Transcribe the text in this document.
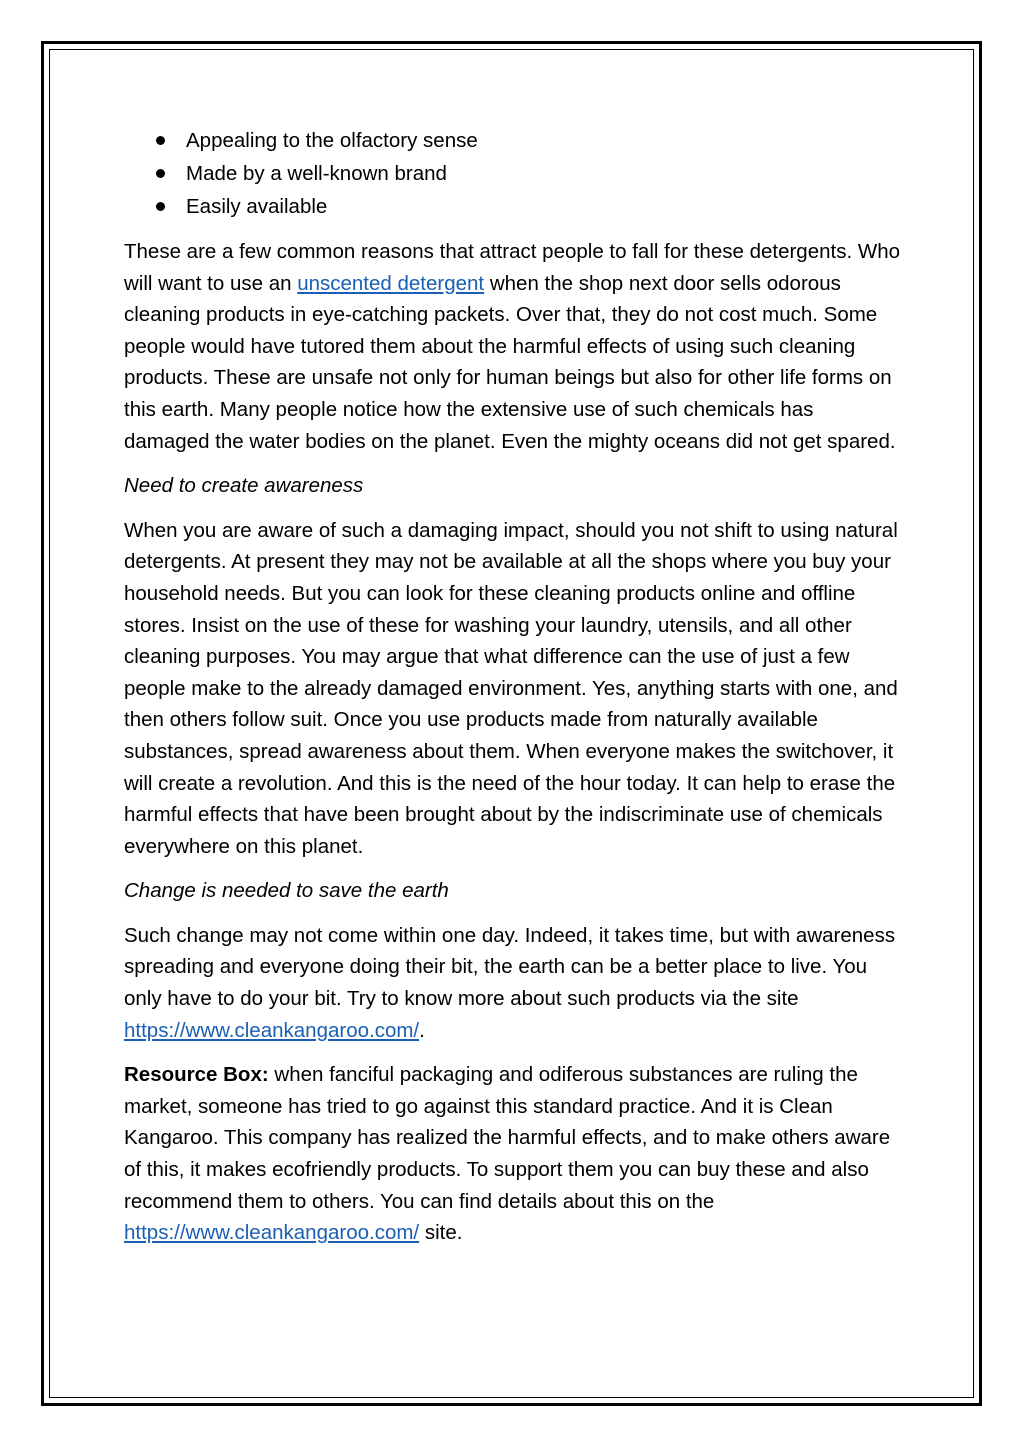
Appealing to the olfactory sense
Made by a well-known brand
Easily available

These are a few common reasons that attract people to fall for these detergents. Who will want to use an unscented detergent when the shop next door sells odorous cleaning products in eye-catching packets. Over that, they do not cost much. Some people would have tutored them about the harmful effects of using such cleaning products. These are unsafe not only for human beings but also for other life forms on this earth. Many people notice how the extensive use of such chemicals has damaged the water bodies on the planet. Even the mighty oceans did not get spared.

Need to create awareness

When you are aware of such a damaging impact, should you not shift to using natural detergents. At present they may not be available at all the shops where you buy your household needs. But you can look for these cleaning products online and offline stores. Insist on the use of these for washing your laundry, utensils, and all other cleaning purposes. You may argue that what difference can the use of just a few people make to the already damaged environment. Yes, anything starts with one, and then others follow suit. Once you use products made from naturally available substances, spread awareness about them. When everyone makes the switchover, it will create a revolution. And this is the need of the hour today. It can help to erase the harmful effects that have been brought about by the indiscriminate use of chemicals everywhere on this planet.

Change is needed to save the earth

Such change may not come within one day. Indeed, it takes time, but with awareness spreading and everyone doing their bit, the earth can be a better place to live. You only have to do your bit. Try to know more about such products via the site https://www.cleankangaroo.com/.

Resource Box: when fanciful packaging and odiferous substances are ruling the market, someone has tried to go against this standard practice. And it is Clean Kangaroo. This company has realized the harmful effects, and to make others aware of this, it makes ecofriendly products. To support them you can buy these and also recommend them to others. You can find details about this on the https://www.cleankangaroo.com/ site.
